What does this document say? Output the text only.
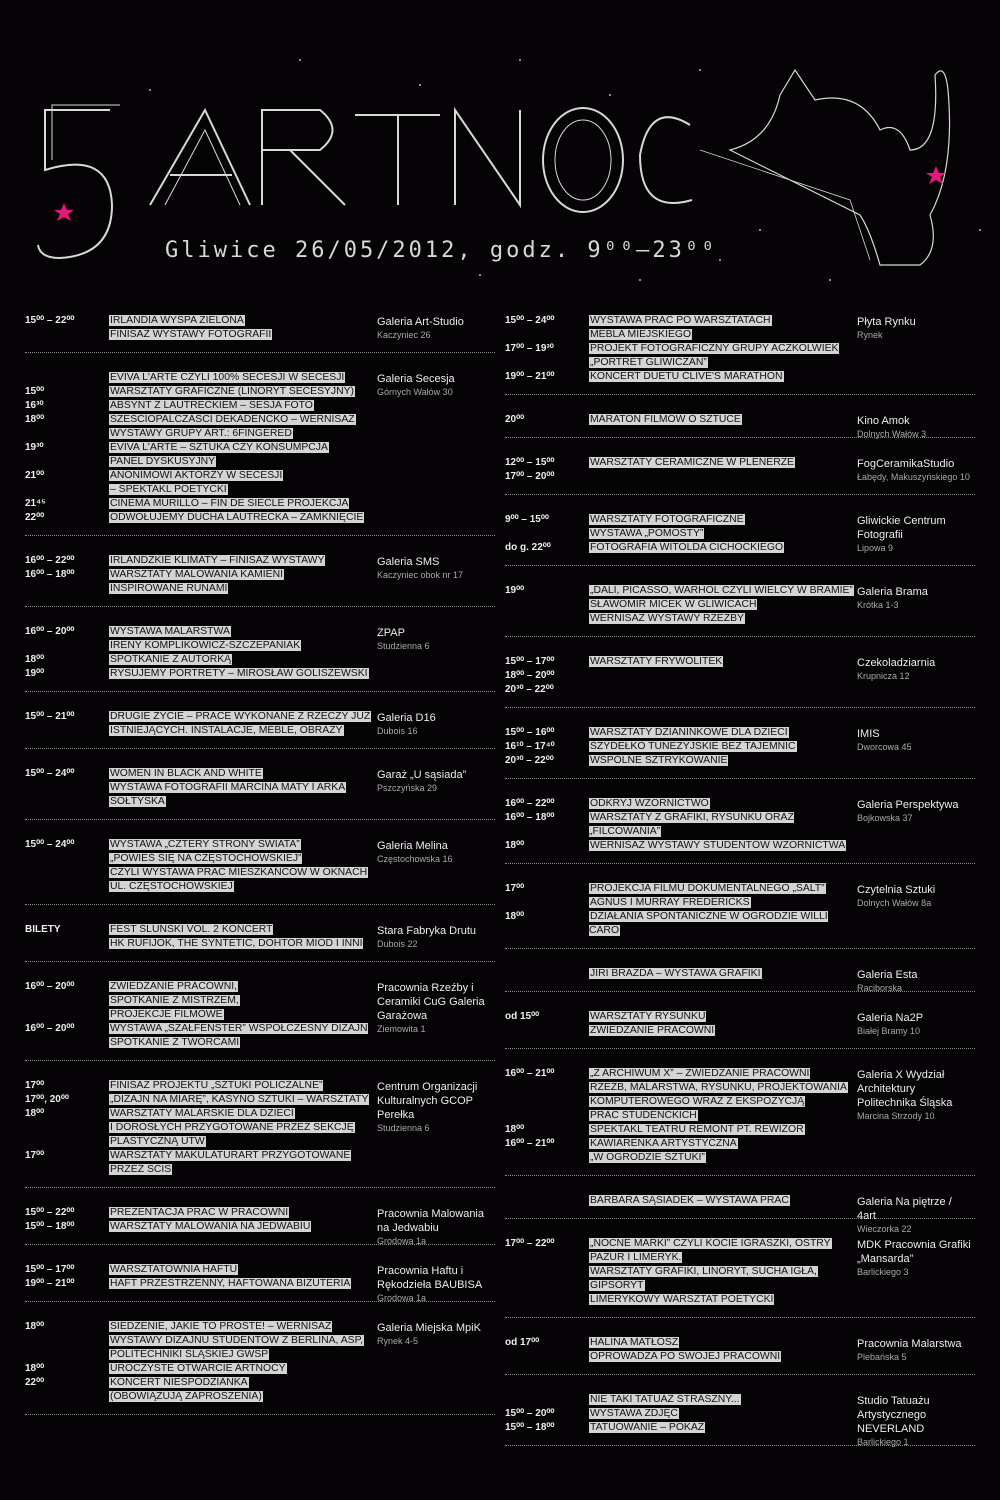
Gliwice 26/05/2012, godz. 9⁰⁰–23⁰⁰
15⁰⁰ – 22⁰⁰	IRLANDIA WYSPA ZIELONA
FINISAŻ WYSTAWY FOTOGRAFII
Galeria Art-Studio
Kaczyniec 26
EVIVA L'ARTE CZYLI 100% SECESJI W SECESJI
15⁰⁰	WARSZTATY GRAFICZNE (LINORYT SECESYJNY)
16³⁰	ABSYNT Z LAUTRECKIEM – SESJA FOTO
18⁰⁰	SZEŚCIOPALCZAŚCI DEKADENCKO – WERNISAŻ
WYSTAWY GRUPY ART.: 6FINGERED
19³⁰	EVIVA L'ARTE – SZTUKA CZY KONSUMPCJA
PANEL DYSKUSYJNY
21⁰⁰	ANONIMOWI AKTORZY W SECESJI
– SPEKTAKL POETYCKI
21⁴⁵	CINEMA MURILLO – FIN DE SIECLE PROJEKCJA
22⁰⁰	ODWOŁUJEMY DUCHA LAUTRECKA – ZAMKNIĘCIE
Galeria Secesja
Górnych Wałów 30
16⁰⁰ – 22⁰⁰	IRLANDZKIE KLIMATY – FINISAŻ WYSTAWY
16⁰⁰ – 18⁰⁰	WARSZTATY MALOWANIA KAMIENI
INSPIROWANE RUNAMI
Galeria SMS
Kaczyniec obok nr 17
16⁰⁰ – 20⁰⁰	WYSTAWA MALARSTWA
IRENY KOMPLIKOWICZ-SZCZEPANIAK
18⁰⁰	SPOTKANIE Z AUTORKĄ
19⁰⁰	RYSUJEMY PORTRETY – MIROSŁAW GOLISZEWSKI
ZPAP
Studzienna 6
15⁰⁰ – 21⁰⁰	DRUGIE ŻYCIE – PRACE WYKONANE Z RZECZY JUŻ
ISTNIEJĄCYCH. INSTALACJE, MEBLE, OBRAZY
Galeria D16
Dubois 16
15⁰⁰ – 24⁰⁰	WOMEN IN BLACK AND WHITE
WYSTAWA FOTOGRAFII MARCINA MATY I ARKA
SOŁTYSKA
Garaż „U sąsiada”
Pszczyńska 29
15⁰⁰ – 24⁰⁰	WYSTAWA „CZTERY STRONY ŚWIATA”
„POWIEŚ SIĘ NA CZĘSTOCHOWSKIEJ”
CZYLI WYSTAWA PRAC MIESZKAŃCÓW W OKNACH
UL. CZĘSTOCHOWSKIEJ
Galeria Melina
Częstochowska 16
BILETY	FEST ŚLUNSKI VOL. 2 KONCERT
HK RUFIJOK, THE SYNTETIC, DOHTOR MIÓD I INNI
Stara Fabryka Drutu
Dubois 22
16⁰⁰ – 20⁰⁰	ZWIEDZANIE PRACOWNI,
SPOTKANIE Z MISTRZEM,
PROJEKCJE FILMOWE
16⁰⁰ – 20⁰⁰	WYSTAWA „SZAŁFENSTER” WSPÓŁCZESNY DIZAJN
SPOTKANIE Z TWÓRCAMI
Pracownia Rzeźby i Ceramiki CuG Galeria Garażowa
Ziemowita 1
17⁰⁰	FINISAŻ PROJEKTU „SZTUKI POLICZALNE”
17⁰⁰, 20⁰⁰	„DIZAJN NA MIARĘ”, KASYNO SZTUKI – WARSZTATY
18⁰⁰	WARSZTATY MALARSKIE DLA DZIECI
I DOROSŁYCH PRZYGOTOWANE PRZEZ SEKCJĘ
PLASTYCZNĄ UTW
17⁰⁰	WARSZTATY MAKULATURART PRZYGOTOWANE
PRZEZ SCIS
Centrum Organizacji Kulturalnych GCOP Perełka
Studzienna 6
15⁰⁰ – 22⁰⁰	PREZENTACJA PRAC W PRACOWNI
15⁰⁰ – 18⁰⁰	WARSZTATY MALOWANIA NA JEDWABIU
Pracownia Malowania na Jedwabiu
Grodowa 1a
15⁰⁰ – 17⁰⁰	WARSZTATOWNIA HAFTU
19⁰⁰ – 21⁰⁰	HAFT PRZESTRZENNY, HAFTOWANA BIŻUTERIA
Pracownia Haftu i Rękodzieła BAUBISA
Grodowa 1a
18⁰⁰	SIEDZENIE, JAKIE TO PROSTE! – WERNISAŻ
WYSTAWY DIZAJNU STUDENTÓW Z BERLINA, ASP,
POLITECHNIKI ŚLĄSKIEJ GWSP
18⁰⁰	UROCZYSTE OTWARCIE ARTNOCY
22⁰⁰	KONCERT NIESPODZIANKA
(OBOWIĄZUJĄ ZAPROSZENIA)
Galeria Miejska MpiK
Rynek 4-5
15⁰⁰ – 24⁰⁰	WYSTAWA PRAC PO WARSZTATACH
MEBLA MIEJSKIEGO
17⁰⁰ – 19³⁰	PROJEKT FOTOGRAFICZNY GRUPY ACZKOLWIEK
„PORTRET GLIWICZAN”
19⁰⁰ – 21⁰⁰	KONCERT DUETU CLIVE'S MARATHON
Płyta Rynku
Rynek
20⁰⁰	MARATON FILMÓW O SZTUCE	Kino Amok
Dolnych Wałów 3
12⁰⁰ – 15⁰⁰	WARSZTATY CERAMICZNE W PLENERZE
17⁰⁰ – 20⁰⁰
FogCeramikaStudio
Łabędy, Makuszyńskiego 10
9⁰⁰ – 15⁰⁰	WARSZTATY FOTOGRAFICZNE
WYSTAWA „POMOSTY”
do g. 22⁰⁰	FOTOGRAFIA WITOLDA CICHOCKIEGO
Gliwickie Centrum Fotografii
Lipowa 9
19⁰⁰	„DALI, PICASSO, WARHOL CZYLI WIELCY W BRAMIE”
SŁAWOMIR MICEK W GLIWICACH
WERNISAŻ WYSTAWY RZEŹBY
Galeria Brama
Krótka 1-3
15⁰⁰ – 17⁰⁰	WARSZTATY FRYWOLITEK
18⁰⁰ – 20⁰⁰
20³⁰ – 22⁰⁰
Czekoladziarnia
Krupnicza 12
15⁰⁰ – 16⁰⁰	WARSZTATY DZIANINKOWE DLA DZIECI
16¹⁰ – 17⁴⁰	SZYDEŁKO TUNEZYJSKIE BEZ TAJEMNIC
20³⁰ – 22⁰⁰	WSPÓLNE SZTRYKOWANIE
IMIS
Dworcowa 45
16⁰⁰ – 22⁰⁰	ODKRYJ WZORNICTWO
16⁰⁰ – 18⁰⁰	WARSZTATY Z GRAFIKI, RYSUNKU ORAZ „FILCOWANIA”
18⁰⁰	WERNISAŻ WYSTAWY STUDENTÓW WZORNICTWA
Galeria Perspektywa
Bojkowska 37
17⁰⁰	PROJEKCJA FILMU DOKUMENTALNEGO „SALT”
AGNUS I MURRAY FREDERICKS
18⁰⁰	DZIAŁANIA SPONTANICZNE W OGRODZIE WILLI CARO
Czytelnia Sztuki
Dolnych Wałów 8a
JIRI BRAZDA – WYSTAWA GRAFIKI	Galeria Esta
Raciborska
od 15⁰⁰	WARSZTATY RYSUNKU
ZWIEDZANIE PRACOWNI
Galeria Na2P
Białej Bramy 10
16⁰⁰ – 21⁰⁰	„Z ARCHIWUM X” – ZWIEDZANIE PRACOWNI
RZEŹB, MALARSTWA, RYSUNKU, PROJEKTOWANIA
KOMPUTEROWEGO WRAZ Z EKSPOZYCJĄ
PRAC STUDENCKICH
18⁰⁰	SPEKTAKL TEATRU REMONT PT. REWIZOR
16⁰⁰ – 21⁰⁰	KAWIARENKA ARTYSTYCZNA
„W OGRODZIE SZTUKI”
Galeria X Wydział Architektury Politechnika Śląska
Marcina Strzody 10
BARBARA SĄSIADEK – WYSTAWA PRAC	Galeria Na piętrze / 4art
Wieczorka 22
17⁰⁰ – 22⁰⁰	„NOCNE MARKI” CZYLI KOCIE IGRASZKI, OSTRY
PAZUR I LIMERYK.
WARSZTATY GRAFIKI, LINORYT, SUCHA IGŁA,
GIPSORYT
LIMERYKOWY WARSZTAT POETYCKI
MDK Pracownia Grafiki „Mansarda”
Barlickiego 3
od 17⁰⁰	HALINA MATŁOSZ
OPROWADZA PO SWOJEJ PRACOWNI
Pracownia Malarstwa
Plebańska 5
NIE TAKI TATUAŻ STRASZNY...
15⁰⁰ – 20⁰⁰	WYSTAWA ZDJĘĆ
15⁰⁰ – 18⁰⁰	TATUOWANIE – POKAZ
Studio Tatuażu Artystycznego NEVERLAND
Barlickiego 1
